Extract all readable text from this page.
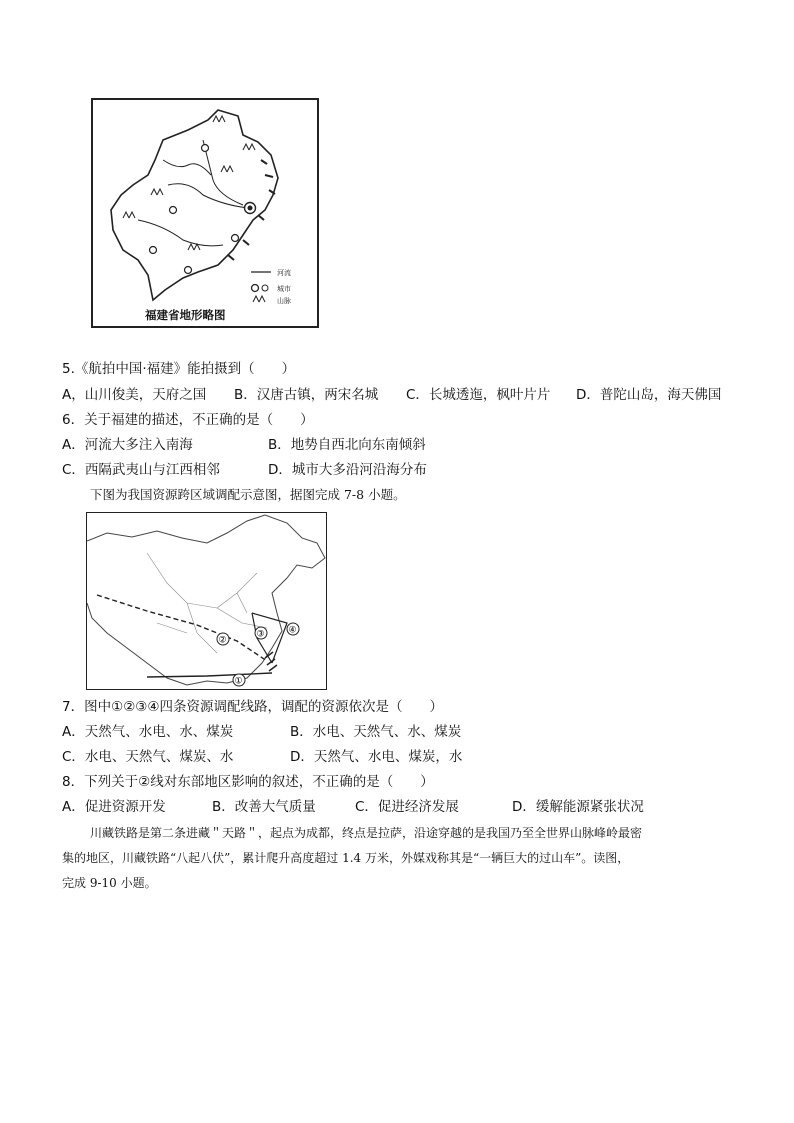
河流
城市
山脉
福建省地形略图
5.《航拍中国·福建》能拍摄到（　　）
A，山川俊美，天府之国 B．汉唐古镇，两宋名城 C．长城透迤，枫叶片片 D．普陀山岛，海天佛国
6．关于福建的描述，不正确的是（　　）
A．河流大多注入南海	B．地势自西北向东南倾斜
C．西隔武夷山与江西相邻	D．城市大多沿河沿海分布
下图为我国资源跨区域调配示意图，据图完成 7-8 小题。
①
②
③	④
7．图中①②③④四条资源调配线路，调配的资源依次是（　　）
A．天然气、水电、水、煤炭	B．水电、天然气、水、煤炭
C．水电、天然气、煤炭、水	D．天然气、水电、煤炭，水
8．下列关于②线对东部地区影响的叙述，不正确的是（　　）
A．促进资源开发	B．改善大气质量	C．促进经济发展	D．缓解能源紧张状况
川藏铁路是第二条进藏＂天路＂，起点为成都，终点是拉萨，沿途穿越的是我国乃至全世界山脉峰岭最密
集的地区，川藏铁路“八起八伏”，累计爬升高度超过 1.4 万米，外媒戏称其是“一辆巨大的过山车”。读图，
完成 9-10 小题。
